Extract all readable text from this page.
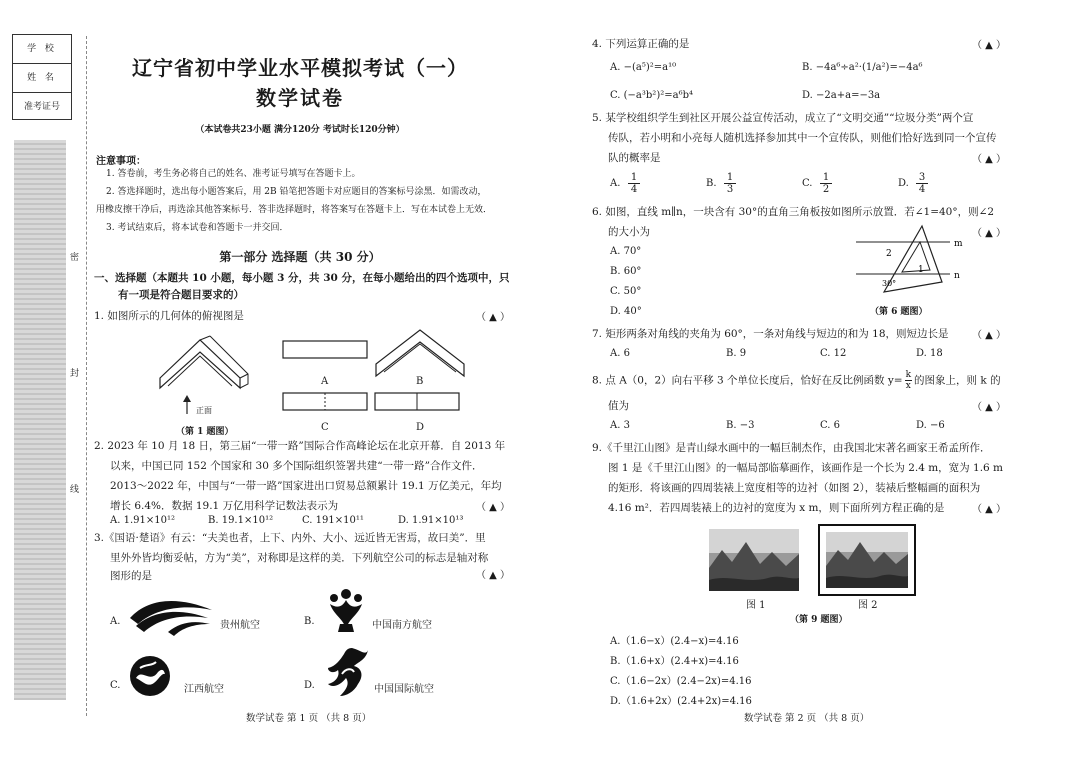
学 校
姓 名
准考证号
密
封
线
辽宁省初中学业水平模拟考试（一）
数学试卷
（本试卷共23小题 满分120分 考试时长120分钟）
注意事项：
1. 答卷前，考生务必将自己的姓名、准考证号填写在答题卡上。
2. 答选择题时，选出每小题答案后，用 2B 铅笔把答题卡对应题目的答案标号涂黑．如需改动，
用橡皮擦干净后，再选涂其他答案标号．答非选择题时，将答案写在答题卡上．写在本试卷上无效．
3. 考试结束后，将本试卷和答题卡一并交回．
第一部分 选择题（共 30 分）
一、选择题（本题共 10 小题，每小题 3 分，共 30 分，在每小题给出的四个选项中，只
有一项是符合题目要求的）
1. 如图所示的几何体的俯视图是	（ ▲ ）
正面
（第 1 题图）
A	B
C	D
2. 2023 年 10 月 18 日，第三届“一带一路”国际合作高峰论坛在北京开幕．自 2013 年
以来，中国已同 152 个国家和 30 多个国际组织签署共建“一带一路”合作文件．
2013～2022 年，中国与“一带一路”国家进出口贸易总额累计 19.1 万亿美元，年均
增长 6.4%．数据 19.1 万亿用科学记数法表示为	（ ▲ ）
A. 1.91×10¹²	B. 19.1×10¹²	C. 191×10¹¹	D. 1.91×10¹³
3.《国语·楚语》有云：“夫美也者，上下、内外、大小、远近皆无害焉，故曰美”．里
里外外皆均衡妥帖，方为“美”，对称即是这样的美．下列航空公司的标志是轴对称
图形的是	（ ▲ ）
A.	贵州航空	B.	中国南方航空
C.	江西航空	D.	中国国际航空
数学试卷 第 1 页 （共 8 页）
4. 下列运算正确的是	（ ▲ ）
A. −(a⁵)²=a¹⁰	B. −4a⁶÷a²·(1/a²)=−4a⁶
C. (−a³b²)²=a⁶b⁴	D. −2a+a=−3a
5. 某学校组织学生到社区开展公益宣传活动，成立了“文明交通”“垃圾分类”两个宣
传队，若小明和小亮每人随机选择参加其中一个宣传队，则他们恰好选到同一个宣传
队的概率是	（ ▲ ）
A. $\frac{1}{4}$	B. $\frac{1}{3}$	C. $\frac{1}{2}$	D. $\frac{3}{4}$
6. 如图，直线 m∥n，一块含有 30°的直角三角板按如图所示放置．若∠1=40°，则∠2
的大小为	（ ▲ ）
A. 70°
B. 60°
C. 50°
D. 40°
m
n
2
1
30°
（第 6 题图）
7. 矩形两条对角线的夹角为 60°，一条对角线与短边的和为 18，则短边长是 （ ▲ ）
A. 6	B. 9	C. 12	D. 18
8. 点 A（0，2）向右平移 3 个单位长度后，恰好在反比例函数 $y= \frac{k}{x}$ 的图象上，则 k 的
值为	（ ▲ ）
A. 3	B. −3	C. 6	D. −6
9.《千里江山图》是青山绿水画中的一幅巨制杰作，由我国北宋著名画家王希孟所作．
图 1 是《千里江山图》的一幅局部临摹画作，该画作是一个长为 2.4 m，宽为 1.6 m
的矩形．将该画的四周装裱上宽度相等的边衬（如图 2），装裱后整幅画的面积为
4.16 m²．若四周装裱上的边衬的宽度为 x m，则下面所列方程正确的是	（ ▲ ）
图 1	图 2
（第 9 题图）
A.（1.6−x）(2.4−x)=4.16
B.（1.6+x）(2.4+x)=4.16
C.（1.6−2x）(2.4−2x)=4.16
D.（1.6+2x）(2.4+2x)=4.16
数学试卷 第 2 页 （共 8 页）
